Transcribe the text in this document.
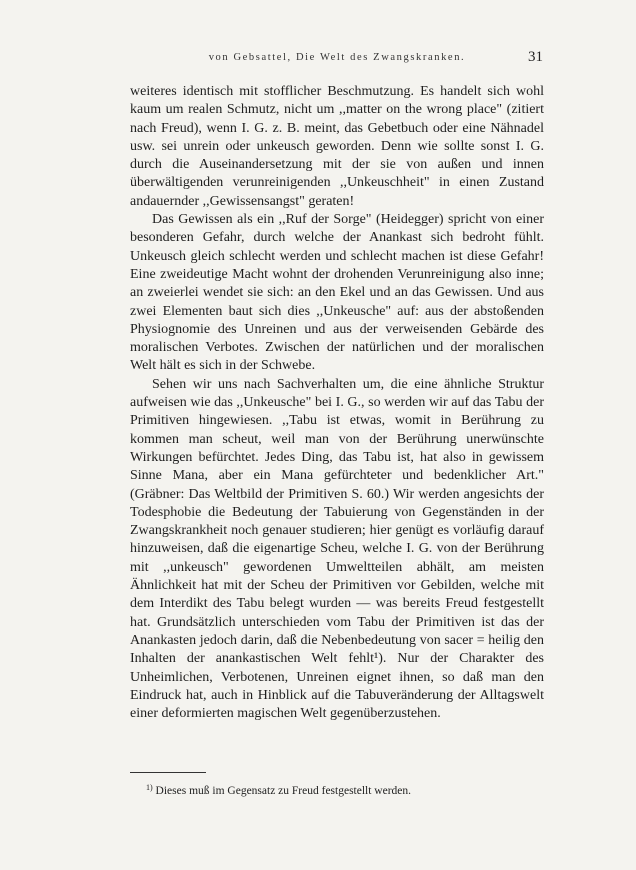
von Gebsattel, Die Welt des Zwangskranken.	31

weiteres identisch mit stofflicher Beschmutzung. Es handelt sich wohl kaum um realen Schmutz, nicht um ,,matter on the wrong place" (zitiert nach Freud), wenn I. G. z. B. meint, das Gebetbuch oder eine Nähnadel usw. sei unrein oder unkeusch geworden. Denn wie sollte sonst I. G. durch die Auseinandersetzung mit der sie von außen und innen überwältigenden verunreinigenden ,,Unkeuschheit" in einen Zustand andauernder ,,Gewissensangst" geraten!

Das Gewissen als ein ,,Ruf der Sorge" (Heidegger) spricht von einer besonderen Gefahr, durch welche der Anankast sich bedroht fühlt. Unkeusch gleich schlecht werden und schlecht machen ist diese Gefahr! Eine zweideutige Macht wohnt der drohenden Verunreinigung also inne; an zweierlei wendet sie sich: an den Ekel und an das Gewissen. Und aus zwei Elementen baut sich dies ,,Unkeusche" auf: aus der abstoßenden Physiognomie des Unreinen und aus der verweisenden Gebärde des moralischen Verbotes. Zwischen der natürlichen und der moralischen Welt hält es sich in der Schwebe.

Sehen wir uns nach Sachverhalten um, die eine ähnliche Struktur aufweisen wie das ,,Unkeusche" bei I. G., so werden wir auf das Tabu der Primitiven hingewiesen. ,,Tabu ist etwas, womit in Berührung zu kommen man scheut, weil man von der Berührung unerwünschte Wirkungen befürchtet. Jedes Ding, das Tabu ist, hat also in gewissem Sinne Mana, aber ein Mana gefürchteter und bedenklicher Art." (Gräbner: Das Weltbild der Primitiven S. 60.) Wir werden angesichts der Todesphobie die Bedeutung der Tabuierung von Gegenständen in der Zwangskrankheit noch genauer studieren; hier genügt es vorläufig darauf hinzuweisen, daß die eigenartige Scheu, welche I. G. von der Berührung mit ,,unkeusch" gewordenen Umweltteilen abhält, am meisten Ähnlichkeit hat mit der Scheu der Primitiven vor Gebilden, welche mit dem Interdikt des Tabu belegt wurden — was bereits Freud festgestellt hat. Grundsätzlich unterschieden vom Tabu der Primitiven ist das der Anankasten jedoch darin, daß die Nebenbedeutung von sacer = heilig den Inhalten der anankastischen Welt fehlt¹). Nur der Charakter des Unheimlichen, Verbotenen, Unreinen eignet ihnen, so daß man den Eindruck hat, auch in Hinblick auf die Tabuveränderung der Alltagswelt einer deformierten magischen Welt gegenüberzustehen.

$^{1)}$ Dieses muß im Gegensatz zu Freud festgestellt werden.
